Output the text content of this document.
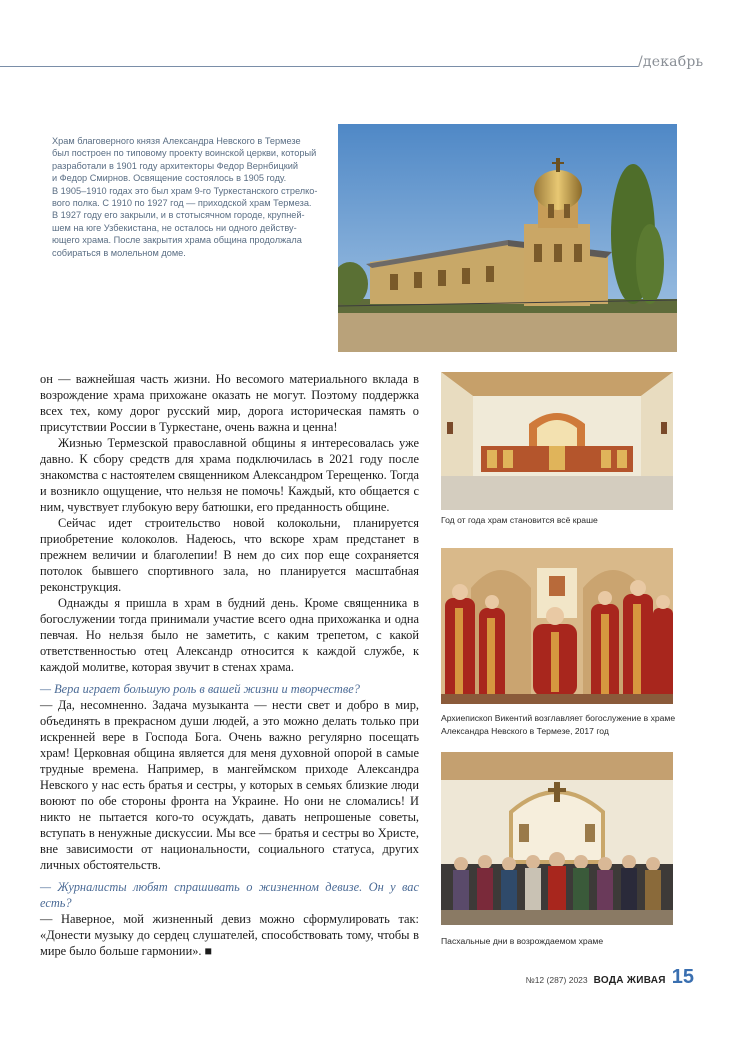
/декабрь
Храм благоверного князя Александра Невского в Термезе
был построен по типовому проекту воинской церкви, который
разработали в 1901 году архитекторы Федор Вернбицкий
и Федор Смирнов. Освящение состоялось в 1905 году.
В 1905–1910 годах это был храм 9-го Туркестанского стрелко-
вого полка. С 1910 по 1927 год — приходской храм Термеза.
В 1927 году его закрыли, и в стотысячном городе, крупней-
шем на юге Узбекистана, не осталось ни одного действу-
ющего храма. После закрытия храма община продолжала
собираться в молельном доме.

он — важнейшая часть жизни. Но весомого материального вклада в возрождение храма прихожане оказать не могут. Поэтому поддержка всех тех, кому дорог русский мир, дорога историческая память о присутствии России в Туркестане, очень важна и ценна!

Жизнью Термезской православной общины я интересовалась уже давно. К сбору средств для храма подключилась в 2021 году после знакомства с настоятелем священником Александром Терещенко. Тогда и возникло ощущение, что нельзя не помочь! Каждый, кто общается с ним, чувствует глубокую веру батюшки, его преданность общине.

Сейчас идет строительство новой колокольни, планируется приобретение колоколов. Надеюсь, что вскоре храм предстанет в прежнем величии и благолепии! В нем до сих пор еще сохраняется потолок бывшего спортивного зала, но планируется масштабная реконструкция.

Однажды я пришла в храм в будний день. Кроме священника в богослужении тогда принимали участие всего одна прихожанка и одна певчая. Но нельзя было не заметить, с каким трепетом, с какой ответственностью отец Александр относится к каждой службе, к каждой молитве, которая звучит в стенах храма.

— Вера играет большую роль в вашей жизни и творчестве?

— Да, несомненно. Задача музыканта — нести свет и добро в мир, объединять в прекрасном души людей, а это можно делать только при искренней вере в Господа Бога. Очень важно регулярно посещать храм! Церковная община является для меня духовной опорой в самые трудные времена. Например, в мангеймском приходе Александра Невского у нас есть братья и сестры, у которых в семьях близкие люди воюют по обе стороны фронта на Украине. Но они не сломались! И никто не пытается кого-то осуждать, давать непрошеные советы, вступать в ненужные дискуссии. Мы все — братья и сестры во Христе, вне зависимости от национальности, социального статуса, других личных обстоятельств.

— Журналисты любят спрашивать о жизненном девизе. Он у вас есть?

— Наверное, мой жизненный девиз можно сформулировать так: «Донести музыку до сердец слушателей, способствовать тому, чтобы в мире было больше гармонии». ■

Год от года храм становится всё краше
Архиепископ Викентий возглавляет богослужение в храме Александра Невского в Термезе, 2017 год
Пасхальные дни в возрождаемом храме
№12 (287) 2023 ВОДА ЖИВАЯ 15
